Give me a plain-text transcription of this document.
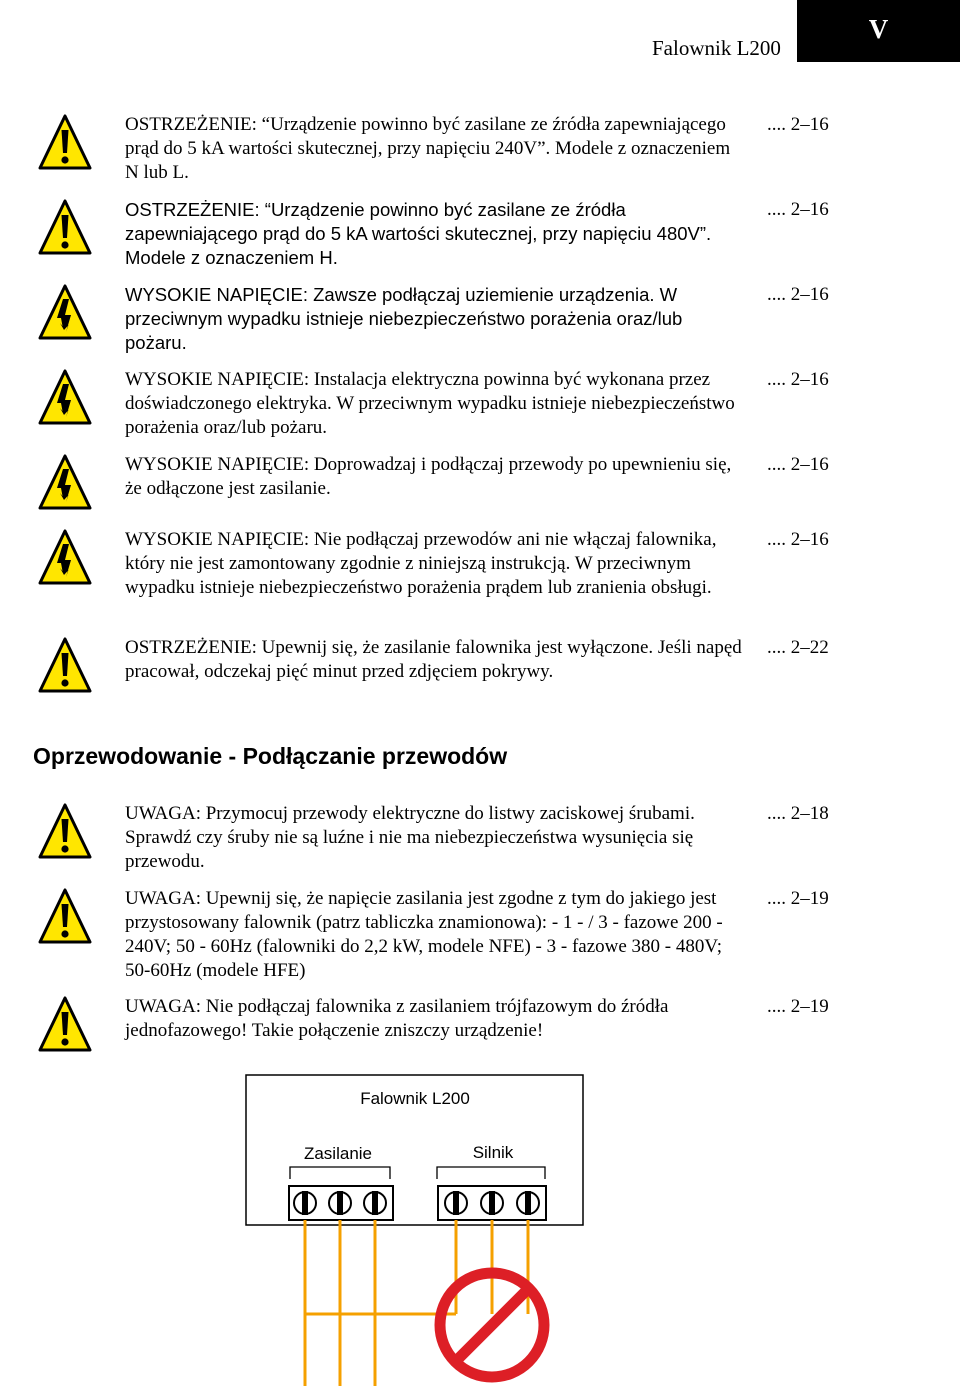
Falownik L200
V
OSTRZEŻENIE: “Urządzenie powinno być zasilane ze źródła zapewniającego prąd do 5 kA wartości skutecznej, przy napięciu 240V”. Modele z oznaczeniem N lub L.
.... 2–16
OSTRZEŻENIE: “Urządzenie powinno być zasilane ze źródła zapewniającego prąd do 5 kA wartości skutecznej, przy napięciu 480V”. Modele z oznaczeniem H.
.... 2–16
WYSOKIE NAPIĘCIE: Zawsze podłączaj uziemienie urządzenia. W przeciwnym wypadku istnieje niebezpieczeństwo porażenia oraz/lub pożaru.
.... 2–16
WYSOKIE NAPIĘCIE: Instalacja elektryczna powinna być wykonana przez doświadczonego elektryka. W przeciwnym wypadku istnieje niebezpieczeństwo porażenia oraz/lub pożaru.
.... 2–16
WYSOKIE NAPIĘCIE: Doprowadzaj i podłączaj przewody po upewnieniu się, że odłączone jest zasilanie.
.... 2–16
WYSOKIE NAPIĘCIE: Nie podłączaj przewodów ani nie włączaj falownika, który nie jest zamontowany zgodnie z niniejszą instrukcją. W przeciwnym wypadku istnieje niebezpieczeństwo porażenia prądem lub zranienia obsługi.
.... 2–16
OSTRZEŻENIE: Upewnij się, że zasilanie falownika jest wyłączone. Jeśli napęd pracował, odczekaj pięć minut przed zdjęciem pokrywy.
.... 2–22
Oprzewodowanie - Podłączanie przewodów
UWAGA: Przymocuj przewody elektryczne do listwy zaciskowej śrubami. Sprawdź czy śruby nie są luźne i nie ma niebezpieczeństwa wysunięcia się przewodu.
.... 2–18
UWAGA: Upewnij się, że napięcie zasilania jest zgodne z tym do jakiego jest przystosowany falownik (patrz tabliczka znamionowa): - 1 - / 3 - fazowe 200 - 240V; 50 - 60Hz (falowniki do 2,2 kW, modele NFE) - 3 - fazowe 380 - 480V; 50-60Hz (modele HFE)
.... 2–19
UWAGA: Nie podłączaj falownika z zasilaniem trójfazowym do źródła jednofazowego! Takie połączenie zniszczy urządzenie!
.... 2–19
Falownik L200
Zasilanie	Silnik
